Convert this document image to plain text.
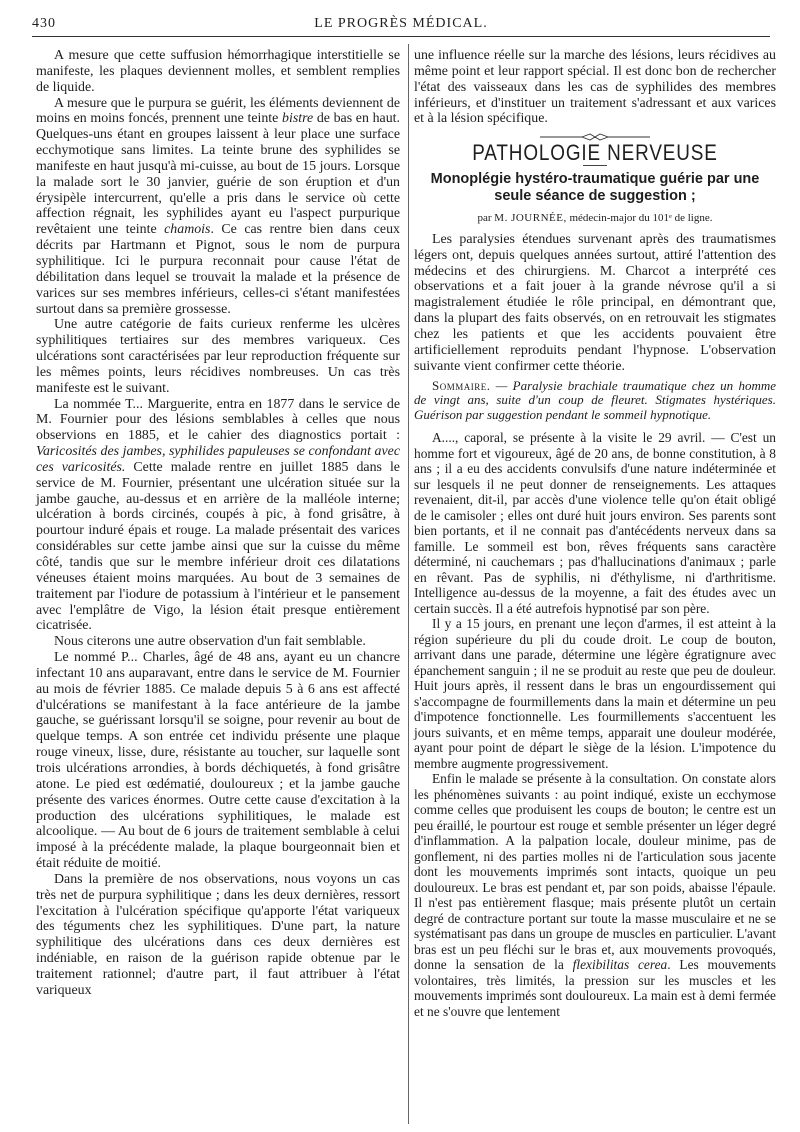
430	LE PROGRÈS MÉDICAL.

A mesure que cette suffusion hémorrhagique interstitielle se manifeste, les plaques deviennent molles, et semblent remplies de liquide.

A mesure que le purpura se guérit, les éléments deviennent de moins en moins foncés, prennent une teinte bistre de bas en haut. Quelques-uns étant en groupes laissent à leur place une surface ecchymotique sans limites. La teinte brune des syphilides se manifeste en haut jusqu'à mi-cuisse, au bout de 15 jours. Lorsque la malade sort le 30 janvier, guérie de son éruption et d'un érysipèle intercurrent, qu'elle a pris dans le service où cette affection régnait, les syphilides ayant eu l'aspect purpurique revêtaient une teinte chamois. Ce cas rentre bien dans ceux décrits par Hartmann et Pignot, sous le nom de purpura syphilitique. Ici le purpura reconnait pour cause l'état de débilitation dans lequel se trouvait la malade et la présence de varices sur ses membres inférieurs, celles-ci s'étant manifestées surtout dans sa première grossesse.

Une autre catégorie de faits curieux renferme les ulcères syphilitiques tertiaires sur des membres variqueux. Ces ulcérations sont caractérisées par leur reproduction fréquente sur les mêmes points, leurs récidives nombreuses. Un cas très manifeste est le suivant.

La nommée T... Marguerite, entra en 1877 dans le service de M. Fournier pour des lésions semblables à celles que nous observions en 1885, et le cahier des diagnostics portait : Varicosités des jambes, syphilides papuleuses se confondant avec ces varicosités. Cette malade rentre en juillet 1885 dans le service de M. Fournier, présentant une ulcération située sur la jambe gauche, au-dessus et en arrière de la malléole interne; ulcération à bords circinés, coupés à pic, à fond grisâtre, à pourtour induré épais et rouge. La malade présentait des varices considérables sur cette jambe ainsi que sur la cuisse du même côté, tandis que sur le membre inférieur droit ces dilatations véneuses étaient moins marquées. Au bout de 3 semaines de traitement par l'iodure de potassium à l'intérieur et le pansement avec l'emplâtre de Vigo, la lésion était presque entièrement cicatrisée.

Nous citerons une autre observation d'un fait semblable.

Le nommé P... Charles, âgé de 48 ans, ayant eu un chancre infectant 10 ans auparavant, entre dans le service de M. Fournier au mois de février 1885. Ce malade depuis 5 à 6 ans est affecté d'ulcérations se manifestant à la face antérieure de la jambe gauche, se guérissant lorsqu'il se soigne, pour revenir au bout de quelque temps. A son entrée cet individu présente une plaque rouge vineux, lisse, dure, résistante au toucher, sur laquelle sont trois ulcérations arrondies, à bords déchiquetés, à fond grisâtre atone. Le pied est œdématié, douloureux ; et la jambe gauche présente des varices énormes. Outre cette cause d'excitation à la production des ulcérations syphilitiques, le malade est alcoolique. — Au bout de 6 jours de traitement semblable à celui imposé à la précédente malade, la plaque bourgeonnait bien et était réduite de moitié.

Dans la première de nos observations, nous voyons un cas très net de purpura syphilitique ; dans les deux dernières, ressort l'excitation à l'ulcération spécifique qu'apporte l'état variqueux des téguments chez les syphilitiques. D'une part, la nature syphilitique des ulcérations dans ces deux dernières est indéniable, en raison de la guérison rapide obtenue par le traitement rationnel; d'autre part, il faut attribuer à l'état variqueux

une influence réelle sur la marche des lésions, leurs récidives au même point et leur rapport spécial. Il est donc bon de rechercher l'état des vaisseaux dans les cas de syphilides des membres inférieurs, et d'instituer un traitement s'adressant et aux varices et à la lésion spécifique.

PATHOLOGIE NERVEUSE
Monoplégie hystéro-traumatique guérie par une seule séance de suggestion ;
par M. JOURNÉE, médecin-major du 101ᵉ de ligne.

Les paralysies étendues survenant après des traumatismes légers ont, depuis quelques années surtout, attiré l'attention des médecins et des chirurgiens. M. Charcot a interprété ces observations et a fait jouer à la grande névrose qu'il a si magistralement étudiée le rôle principal, en démontrant que, dans la plupart des faits observés, on en retrouvait les stigmates chez les patients et que les accidents pouvaient être artificiellement reproduits pendant l'hypnose. L'observation suivante vient confirmer cette théorie.

Sommaire. — Paralysie brachiale traumatique chez un homme de vingt ans, suite d'un coup de fleuret. Stigmates hystériques. Guérison par suggestion pendant le sommeil hypnotique.

A...., caporal, se présente à la visite le 29 avril. — C'est un homme fort et vigoureux, âgé de 20 ans, de bonne constitution, à 8 ans ; il a eu des accidents convulsifs d'une nature indéterminée et sur lesquels il ne peut donner de renseignements. Les attaques revenaient, dit-il, par accès d'une violence telle qu'on était obligé de le camisoler ; elles ont duré huit jours environ. Ses parents sont bien portants, et il ne connait pas d'antécédents nerveux dans sa famille. Le sommeil est bon, rêves fréquents sans caractère déterminé, ni cauchemars ; pas d'hallucinations d'animaux ; parle en rêvant. Pas de syphilis, ni d'éthylisme, ni d'arthritisme. Intelligence au-dessus de la moyenne, a fait des études avec un certain succès. Il a été autrefois hypnotisé par son père.

Il y a 15 jours, en prenant une leçon d'armes, il est atteint à la région supérieure du pli du coude droit. Le coup de bouton, arrivant dans une parade, détermine une légère égratignure avec épanchement sanguin ; il ne se produit au reste que peu de douleur. Huit jours après, il ressent dans le bras un engourdissement qui s'accompagne de fourmillements dans la main et détermine un peu d'impotence fonctionnelle. Les fourmillements s'accentuent les jours suivants, et en même temps, apparait une douleur modérée, ayant pour point de départ le siège de la lésion. L'impotence du membre augmente progressivement.

Enfin le malade se présente à la consultation. On constate alors les phénomènes suivants : au point indiqué, existe un ecchymose comme celles que produisent les coups de bouton; le centre est un peu éraillé, le pourtour est rouge et semble présenter un léger degré d'inflammation. A la palpation locale, douleur minime, pas de gonflement, ni des parties molles ni de l'articulation sous jacente dont les mouvements imprimés sont intacts, quoique un peu douloureux. Le bras est pendant et, par son poids, abaisse l'épaule. Il n'est pas entièrement flasque; mais présente plutôt un certain degré de contracture portant sur toute la masse musculaire et ne se systématisant pas dans un groupe de muscles en particulier. L'avant bras est un peu fléchi sur le bras et, aux mouvements provoqués, donne la sensation de la flexibilitas cerea. Les mouvements volontaires, très limités, la pression sur les muscles et les mouvements imprimés sont douloureux. La main est à demi fermée et ne s'ouvre que lentement
